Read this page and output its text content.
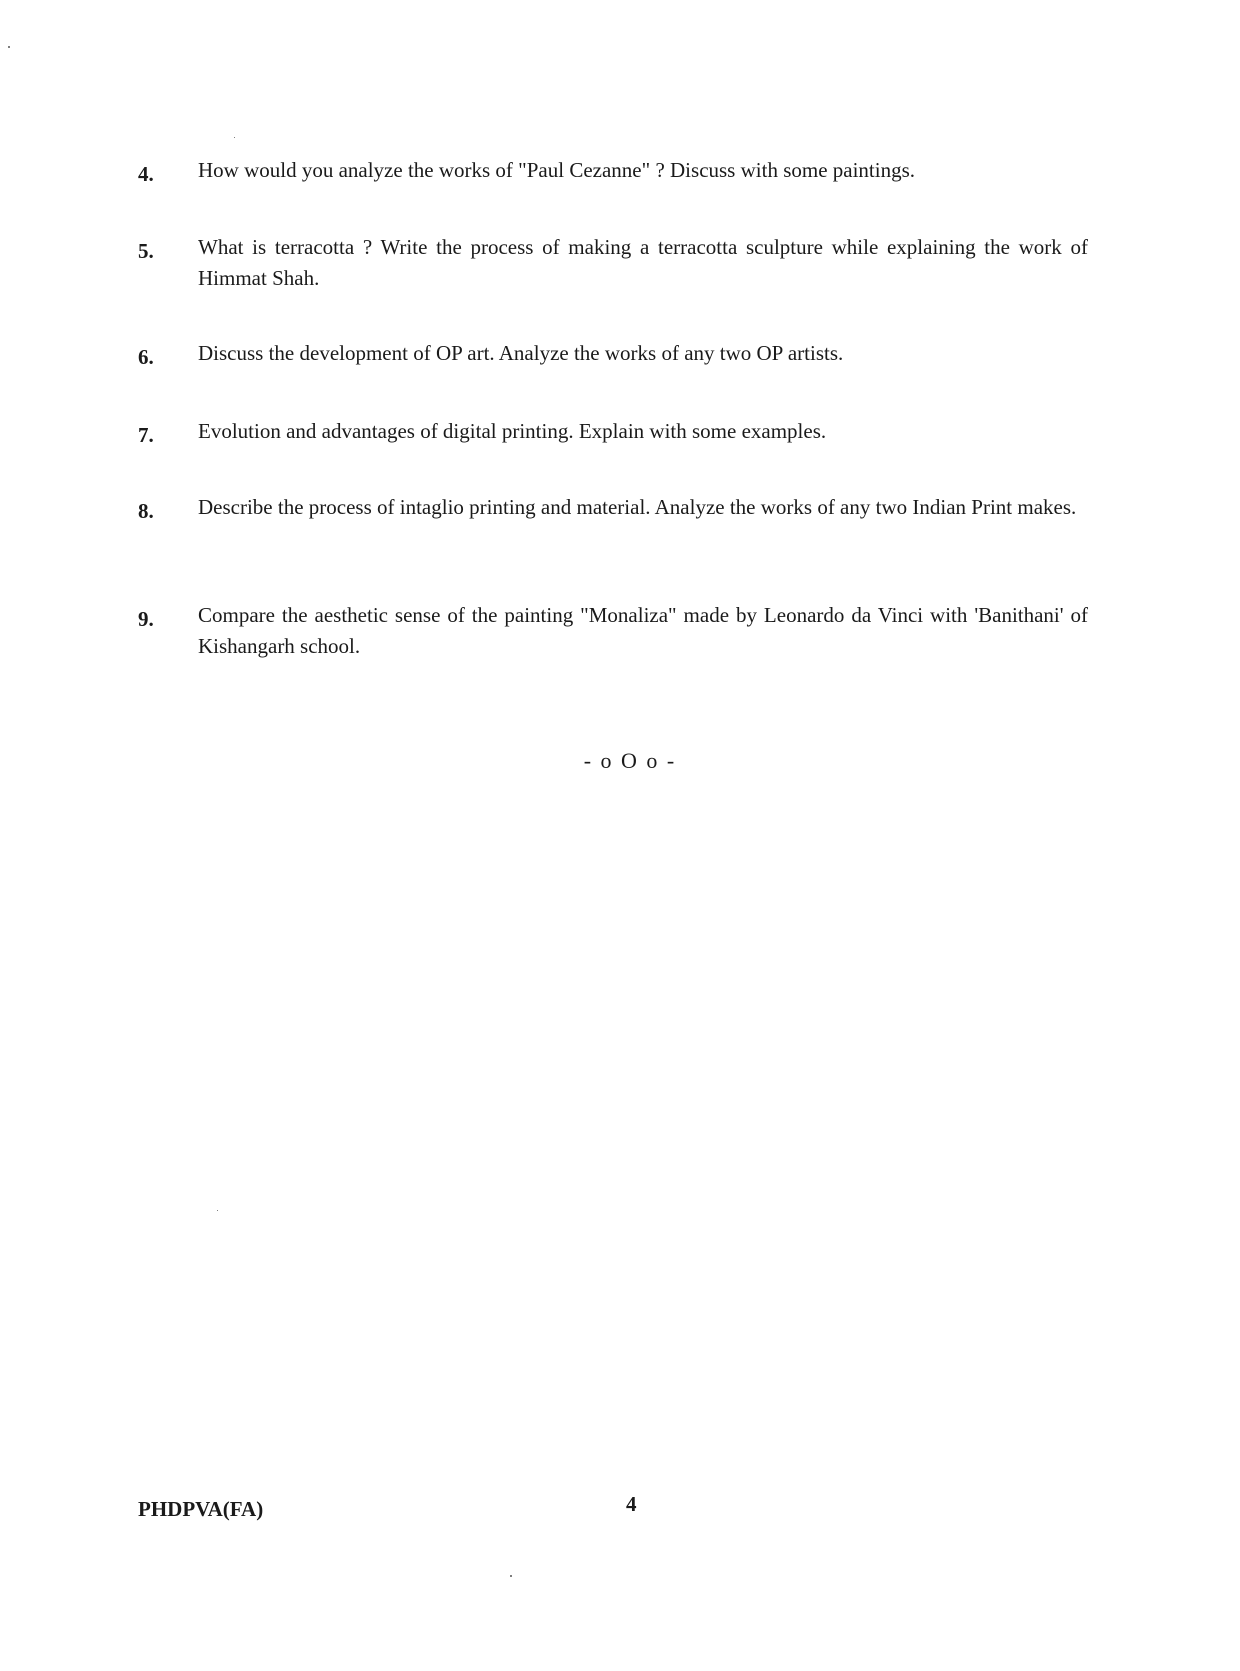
4.	How would you analyze the works of "Paul Cezanne" ? Discuss with some paintings.
5.	What is terracotta ? Write the process of making a terracotta sculpture while explaining the work of Himmat Shah.
6.	Discuss the development of OP art. Analyze the works of any two OP artists.
7.	Evolution and advantages of digital printing. Explain with some examples.
8.	Describe the process of intaglio printing and material. Analyze the works of any two Indian Print makes.
9.	Compare the aesthetic sense of the painting "Monaliza" made by Leonardo da Vinci with 'Banithani' of Kishangarh school.
- o O o -
PHDPVA(FA)	4
